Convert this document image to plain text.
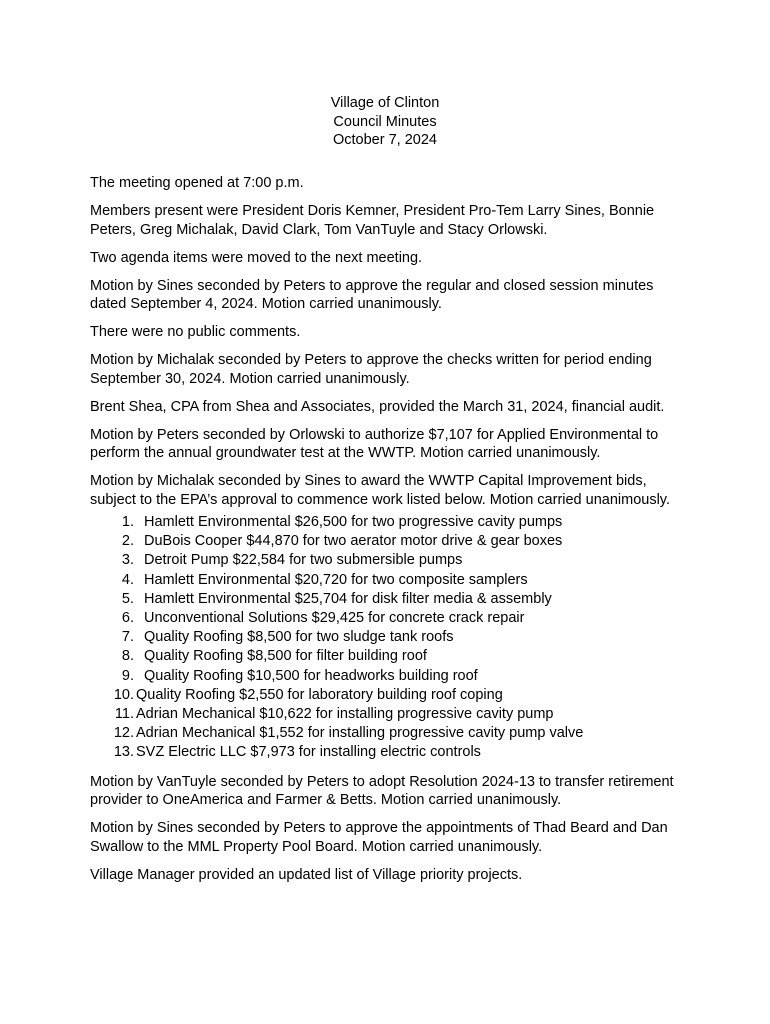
Village of Clinton
Council Minutes
October 7, 2024

The meeting opened at 7:00 p.m.

Members present were President Doris Kemner, President Pro-Tem Larry Sines, Bonnie Peters, Greg Michalak, David Clark, Tom VanTuyle and Stacy Orlowski.

Two agenda items were moved to the next meeting.

Motion by Sines seconded by Peters to approve the regular and closed session minutes dated September 4, 2024. Motion carried unanimously.

There were no public comments.

Motion by Michalak seconded by Peters to approve the checks written for period ending September 30, 2024. Motion carried unanimously.

Brent Shea, CPA from Shea and Associates, provided the March 31, 2024, financial audit.

Motion by Peters seconded by Orlowski to authorize $7,107 for Applied Environmental to perform the annual groundwater test at the WWTP. Motion carried unanimously.

Motion by Michalak seconded by Sines to award the WWTP Capital Improvement bids, subject to the EPA’s approval to commence work listed below. Motion carried unanimously.

1. Hamlett Environmental $26,500 for two progressive cavity pumps
2. DuBois Cooper $44,870 for two aerator motor drive & gear boxes
3. Detroit Pump $22,584 for two submersible pumps
4. Hamlett Environmental $20,720 for two composite samplers
5. Hamlett Environmental $25,704 for disk filter media & assembly
6. Unconventional Solutions $29,425 for concrete crack repair
7. Quality Roofing $8,500 for two sludge tank roofs
8. Quality Roofing $8,500 for filter building roof
9. Quality Roofing $10,500 for headworks building roof
10. Quality Roofing $2,550 for laboratory building roof coping
11. Adrian Mechanical $10,622 for installing progressive cavity pump
12. Adrian Mechanical $1,552 for installing progressive cavity pump valve
13. SVZ Electric LLC $7,973 for installing electric controls

Motion by VanTuyle seconded by Peters to adopt Resolution 2024-13 to transfer retirement provider to OneAmerica and Farmer & Betts. Motion carried unanimously.

Motion by Sines seconded by Peters to approve the appointments of Thad Beard and Dan Swallow to the MML Property Pool Board. Motion carried unanimously.

Village Manager provided an updated list of Village priority projects.
